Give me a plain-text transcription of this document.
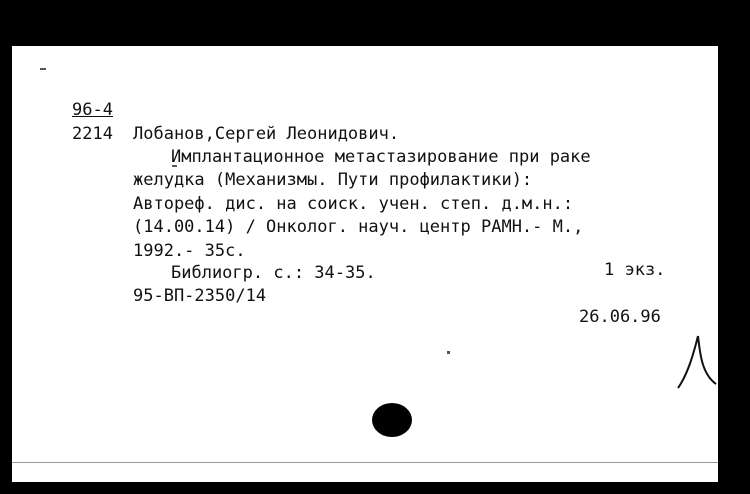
96-4
2214 Лобанов,Сергей Леонидович.
Имплантационное метастазирование при раке
желудка (Механизмы. Пути профилактики):
Автореф. дис. на соиск. учен. степ. д.м.н.:
(14.00.14) / Онколог. науч. центр РАМН.- М.,
1992.- 35с.
Библиогр. с.: 34-35.	1 экз.
95-ВП-2350/14
26.06.96
